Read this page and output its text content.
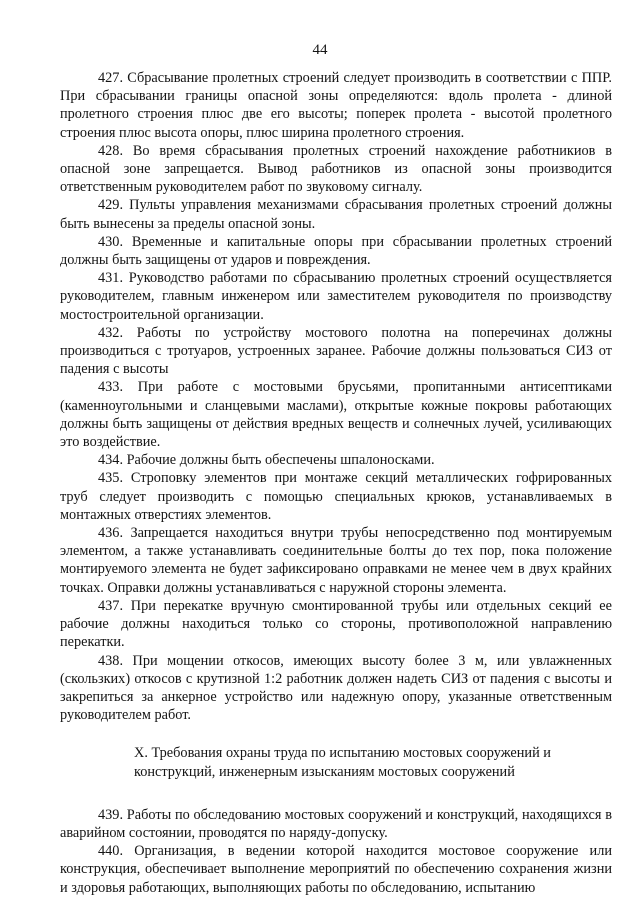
44

427. Сбрасывание пролетных строений следует производить в соответствии с ППР. При сбрасывании границы опасной зоны определяются: вдоль пролета - длиной пролетного строения плюс две его высоты; поперек пролета - высотой пролетного строения плюс высота опоры, плюс ширина пролетного строения.

428. Во время сбрасывания пролетных строений нахождение работникиов в опасной зоне запрещается. Вывод работников из опасной зоны производится ответственным руководителем работ по звуковому сигналу.

429. Пульты управления механизмами сбрасывания пролетных строений должны быть вынесены за пределы опасной зоны.

430. Временные и капитальные опоры при сбрасывании пролетных строений должны быть защищены от ударов и повреждения.

431. Руководство работами по сбрасыванию пролетных строений осуществляется руководителем, главным инженером или заместителем руководителя по производству мостостроительной организации.

432. Работы по устройству мостового полотна на поперечинах должны производиться с тротуаров, устроенных заранее. Рабочие должны пользоваться СИЗ от падения с высоты

433. При работе с мостовыми брусьями, пропитанными антисептиками (каменноугольными и сланцевыми маслами), открытые кожные покровы работающих должны быть защищены от действия вредных веществ и солнечных лучей, усиливающих это воздействие.

434. Рабочие должны быть обеспечены шпалоносками.

435. Строповку элементов при монтаже секций металлических гофрированных труб следует производить с помощью специальных крюков, устанавливаемых в монтажных отверстиях элементов.

436. Запрещается находиться внутри трубы непосредственно под монтируемым элементом, а также устанавливать соединительные болты до тех пор, пока положение монтируемого элемента не будет зафиксировано оправками не менее чем в двух крайних точках. Оправки должны устанавливаться с наружной стороны элемента.

437. При перекатке вручную смонтированной трубы или отдельных секций ее рабочие должны находиться только со стороны, противоположной направлению перекатки.

438. При мощении откосов, имеющих высоту более 3 м, или увлажненных (скользких) откосов с крутизной 1:2 работник должен надеть СИЗ от падения с высоты и закрепиться за анкерное устройство или надежную опору, указанные ответственным руководителем работ.

X. Требования охраны труда по испытанию мостовых сооружений и
конструкций, инженерным изысканиям мостовых сооружений

439. Работы по обследованию мостовых сооружений и конструкций, находящихся в аварийном состоянии, проводятся по наряду-допуску.

440. Организация, в ведении которой находится мостовое сооружение или конструкция, обеспечивает выполнение мероприятий по обеспечению сохранения жизни и здоровья работающих, выполняющих работы по обследованию, испытанию
